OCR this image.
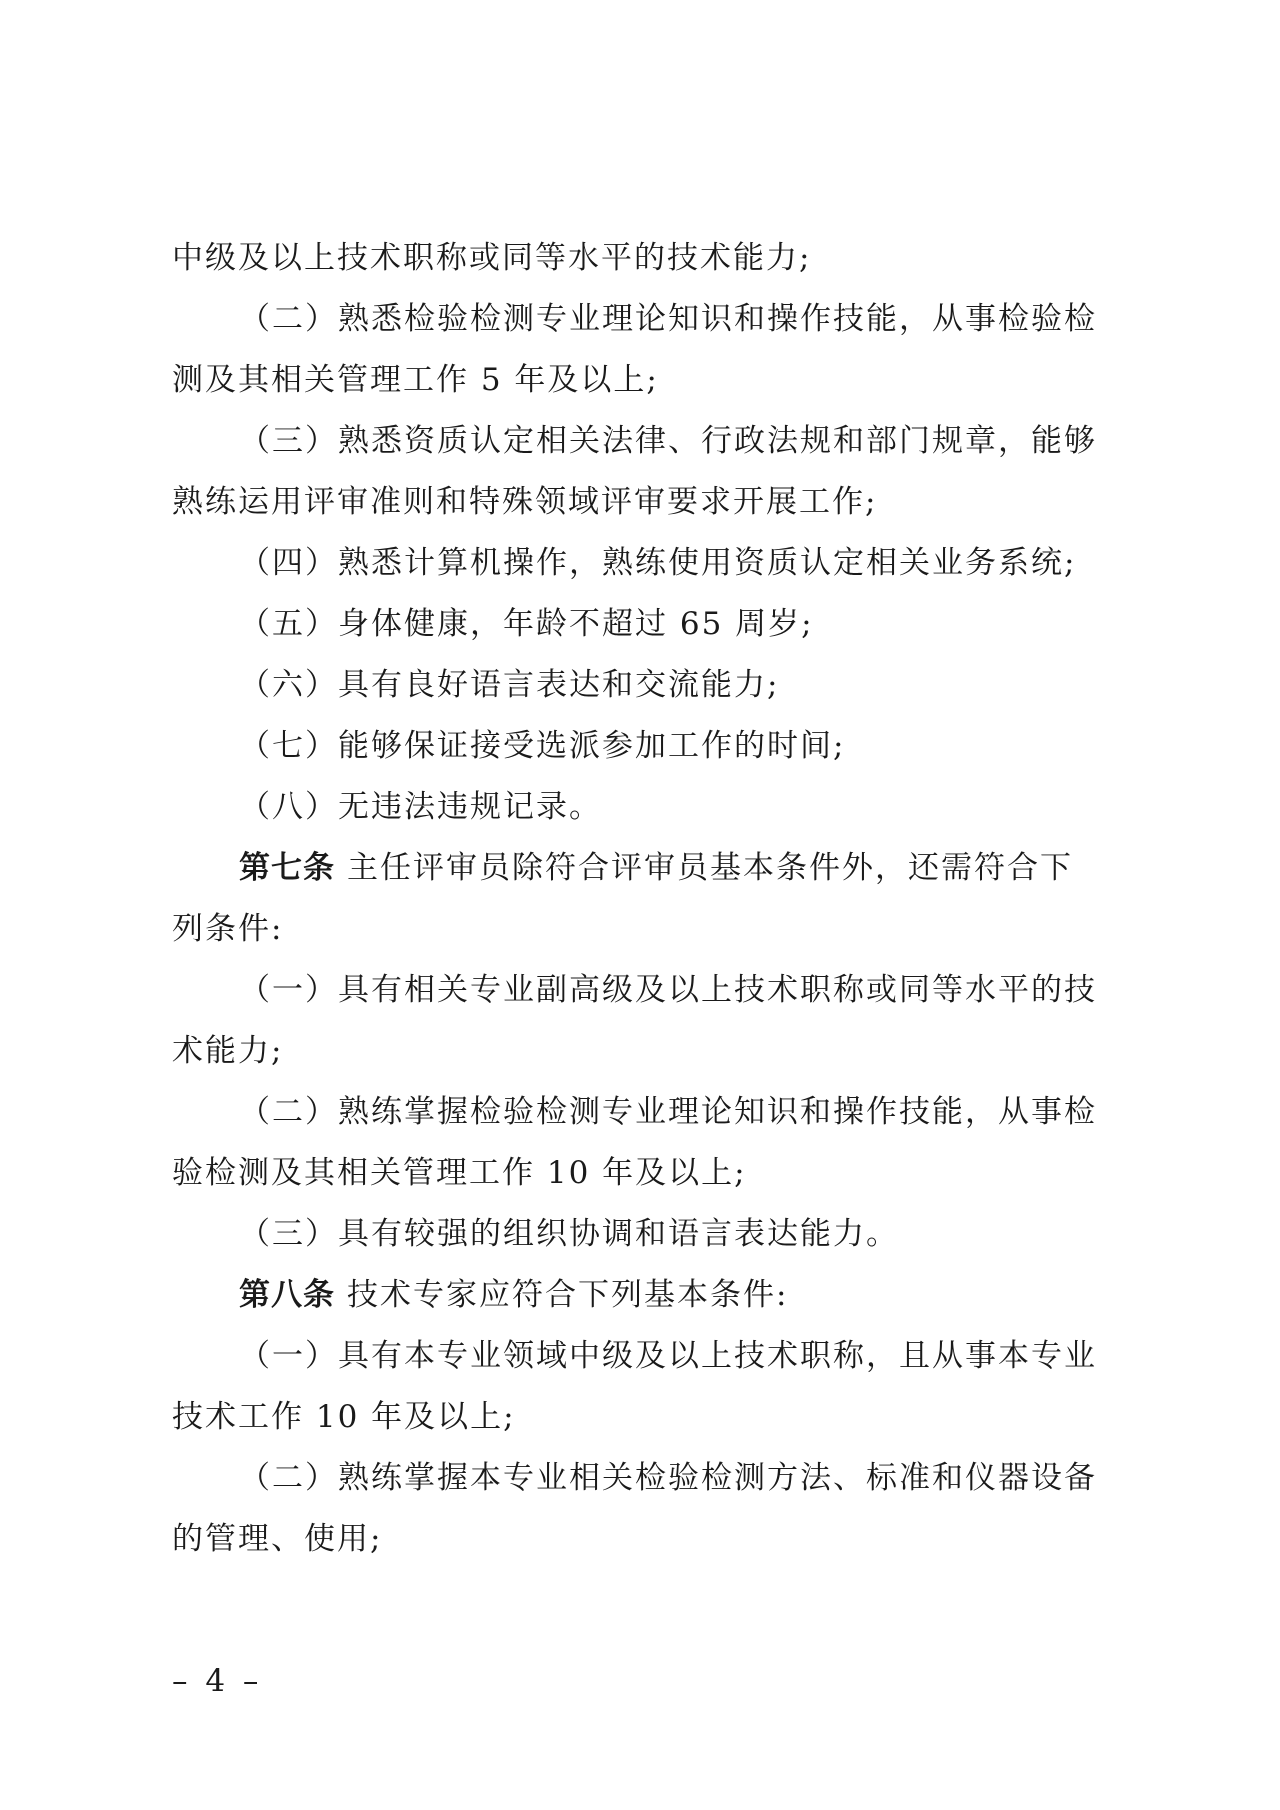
中级及以上技术职称或同等水平的技术能力;
（二）熟悉检验检测专业理论知识和操作技能，从事检验检
测及其相关管理工作 5 年及以上;
（三）熟悉资质认定相关法律、行政法规和部门规章，能够
熟练运用评审准则和特殊领域评审要求开展工作;
（四）熟悉计算机操作，熟练使用资质认定相关业务系统;
（五）身体健康，年龄不超过 65 周岁;
（六）具有良好语言表达和交流能力;
（七）能够保证接受选派参加工作的时间;
（八）无违法违规记录。
第七条 主任评审员除符合评审员基本条件外，还需符合下
列条件:
（一）具有相关专业副高级及以上技术职称或同等水平的技
术能力;
（二）熟练掌握检验检测专业理论知识和操作技能，从事检
验检测及其相关管理工作 10 年及以上;
（三）具有较强的组织协调和语言表达能力。
第八条 技术专家应符合下列基本条件:
（一）具有本专业领域中级及以上技术职称，且从事本专业
技术工作 10 年及以上;
（二）熟练掌握本专业相关检验检测方法、标准和仪器设备
的管理、使用;
– 4 –
